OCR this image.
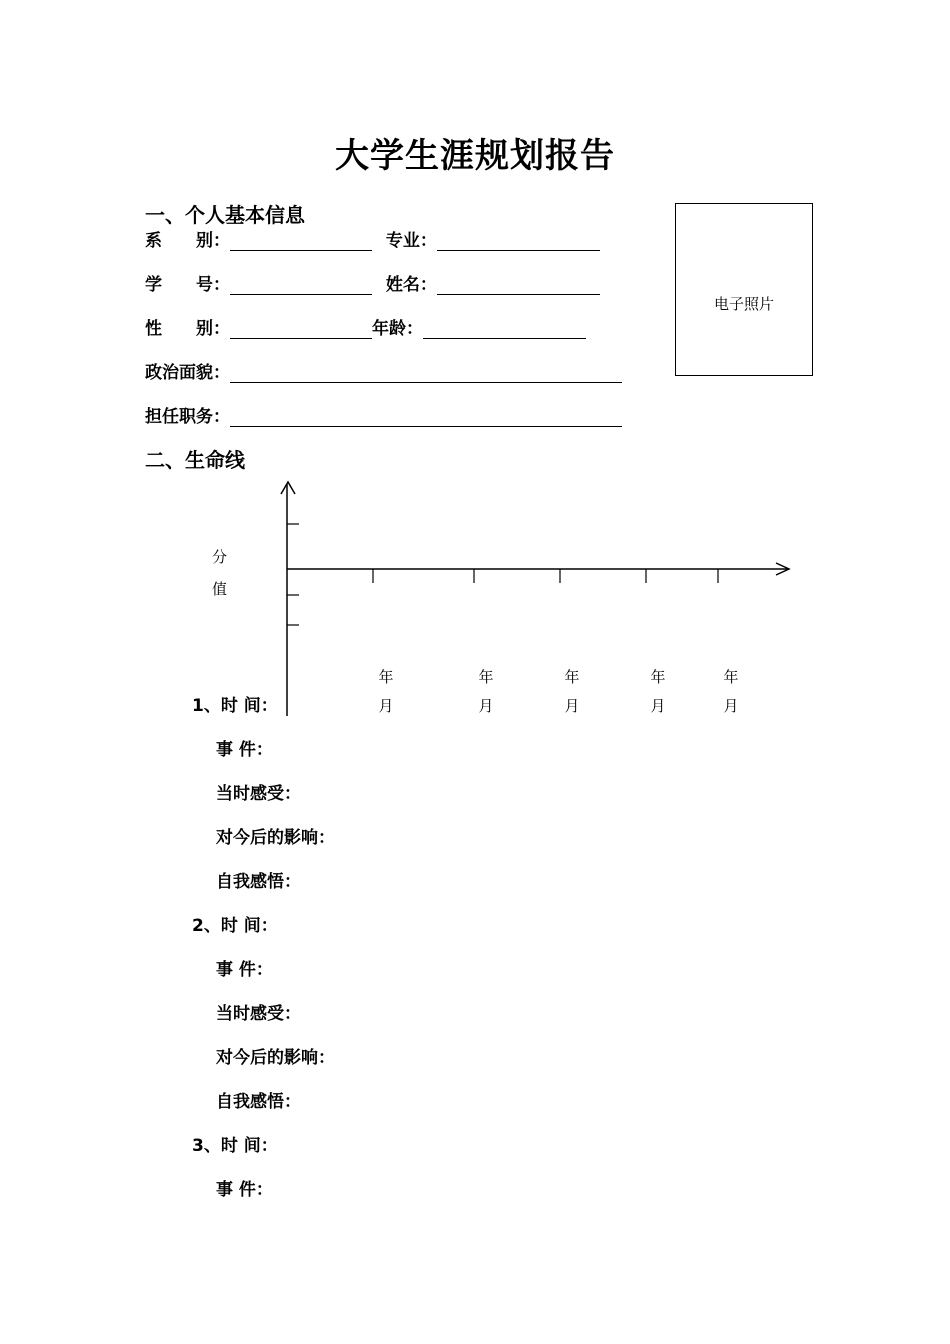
大学生涯规划报告
一、个人基本信息
系　　别：	专业：
学　　号：	姓名：
性　　别：	年龄：
政治面貌：
担任职务：
电子照片
二、生命线
分
值
年
月
年
月
年
月
年
月
年
月
1、时 间：
事 件：
当时感受：
对今后的影响：
自我感悟：
2、时 间：
事 件：
当时感受：
对今后的影响：
自我感悟：
3、时 间：
事 件：
